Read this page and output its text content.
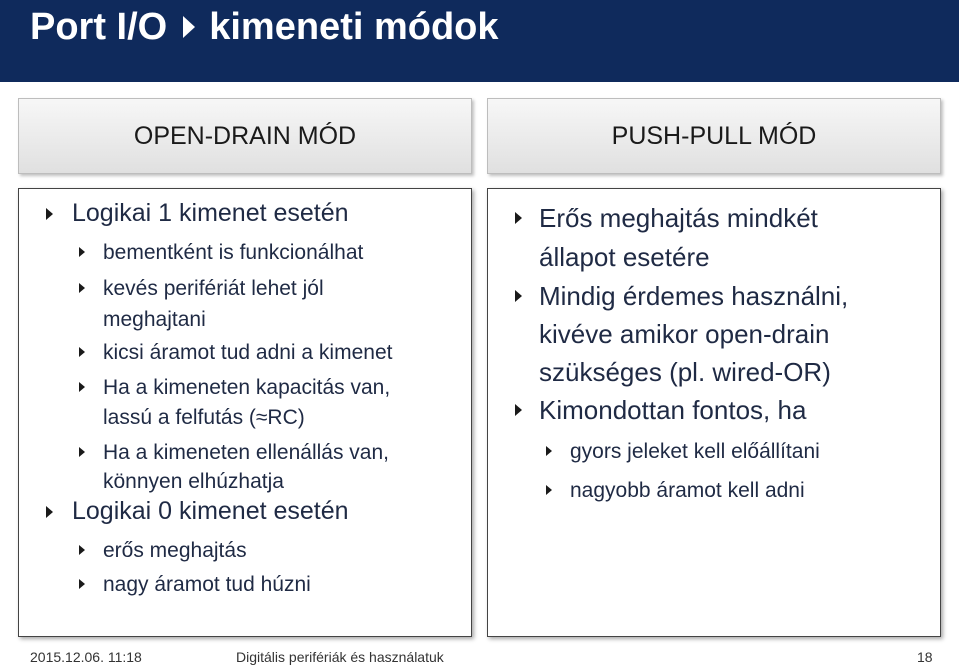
Port I/O kimeneti módok
OPEN-DRAIN MÓD	PUSH-PULL MÓD
Logikai 1 kimenet esetén
bementként is funkcionálhat
kevés perifériát lehet jól
meghajtani
kicsi áramot tud adni a kimenet
Ha a kimeneten kapacitás van,
lassú a felfutás (≈RC)
Ha a kimeneten ellenállás van,
könnyen elhúzhatja
Logikai 0 kimenet esetén
erős meghajtás
nagy áramot tud húzni
Erős meghajtás mindkét
állapot esetére
Mindig érdemes használni,
kivéve amikor open-drain
szükséges (pl. wired-OR)
Kimondottan fontos, ha
gyors jeleket kell előállítani
nagyobb áramot kell adni
2015.12.06. 11:18	Digitális perifériák és használatuk	18
